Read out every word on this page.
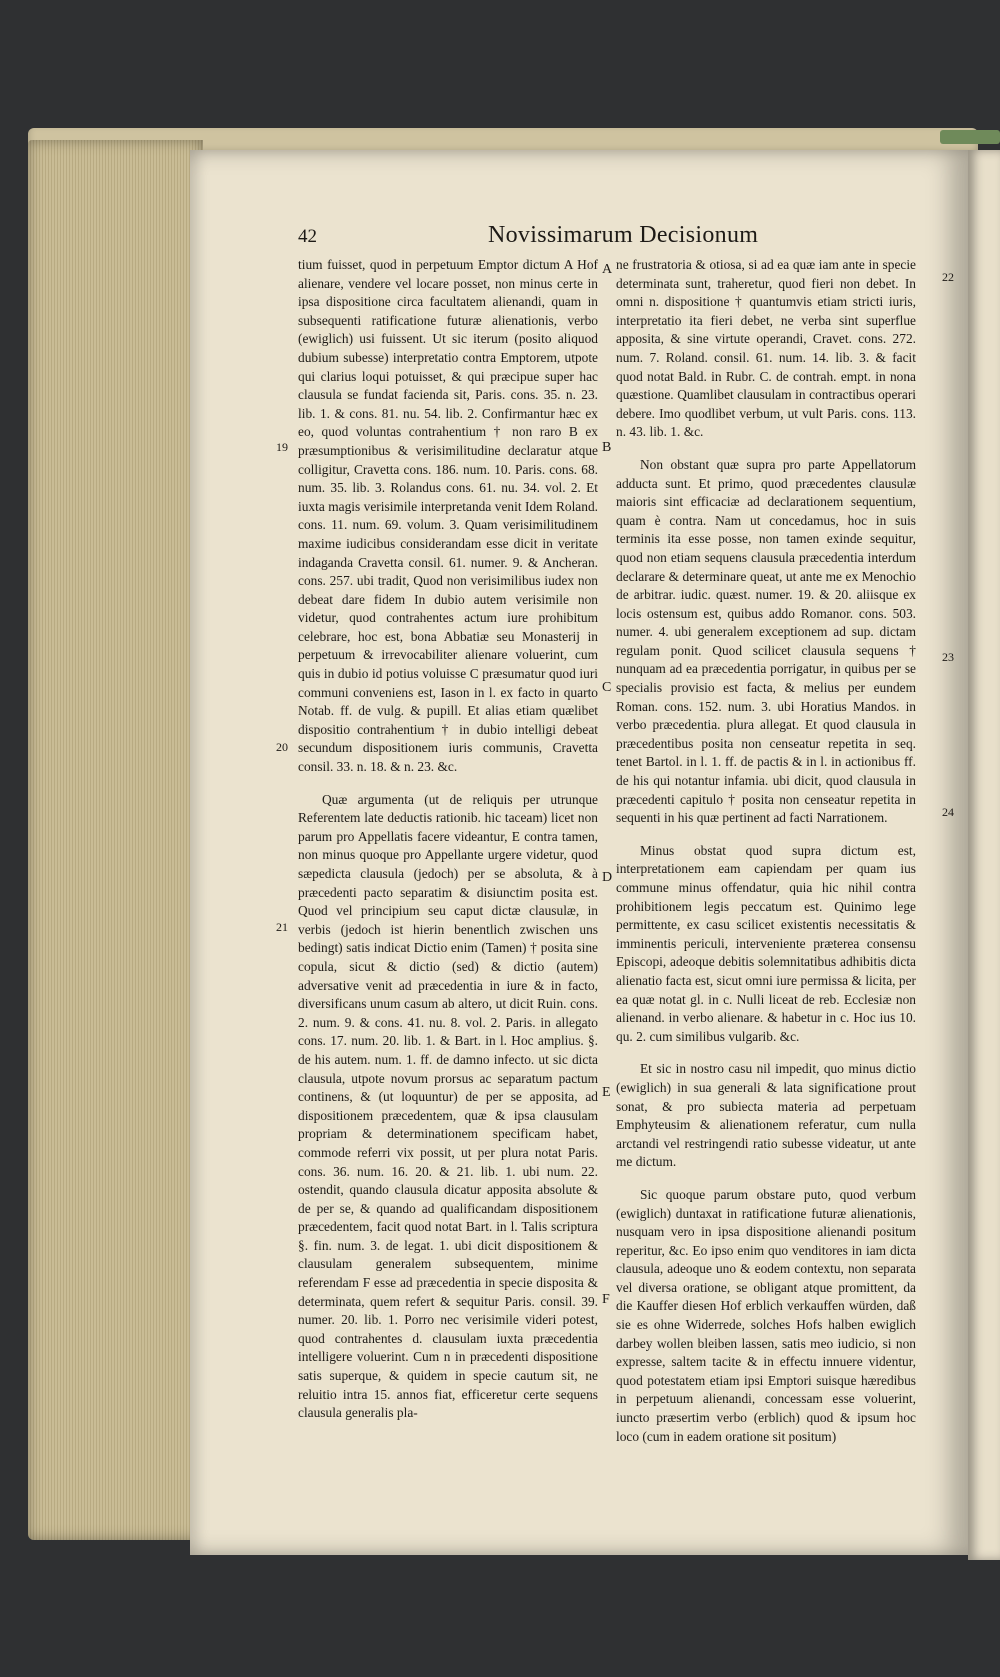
42	Novissimarum Decisionum

tium fuisset, quod in perpetuum Emptor dictum A Hof alienare, vendere vel locare posset, non minus certe in ipsa dispositione circa facultatem alienandi, quam in subsequenti ratificatione futuræ alienationis, verbo (ewiglich) usi fuissent. Ut sic iterum (posito aliquod dubium subesse) interpretatio contra Emptorem, utpote qui clarius loqui potuisset, & qui præcipue super hac clausula se fundat facienda sit, Paris. cons. 35. n. 23. lib. 1. & cons. 81. nu. 54. lib. 2. Confirmantur hæc ex eo, quod voluntas contrahentium † non raro B ex præsumptionibus & verisimilitudine declaratur atque colligitur, Cravetta cons. 186. num. 10. Paris. cons. 68. num. 35. lib. 3. Rolandus cons. 61. nu. 34. vol. 2. Et iuxta magis verisimile interpretanda venit Idem Roland. cons. 11. num. 69. volum. 3. Quam verisimilitudinem maxime iudicibus considerandam esse dicit in veritate indaganda Cravetta consil. 61. numer. 9. & Ancheran. cons. 257. ubi tradit, Quod non verisimilibus iudex non debeat dare fidem In dubio autem verisimile non videtur, quod contrahentes actum iure prohibitum celebrare, hoc est, bona Abbatiæ seu Monasterij in perpetuum & irrevocabiliter alienare voluerint, cum quis in dubio id potius voluisse C præsumatur quod iuri communi conveniens est, Iason in l. ex facto in quarto Notab. ff. de vulg. & pupill. Et alias etiam quælibet dispositio contrahentium † in dubio intelligi debeat secundum dispositionem iuris communis, Cravetta consil. 33. n. 18. & n. 23. &c.

Quæ argumenta (ut de reliquis per utrunque Referentem late deductis rationib. hic taceam) licet non parum pro Appellatis facere videantur, E contra tamen, non minus quoque pro Appellante urgere videtur, quod sæpedicta clausula (jedoch) per se absoluta, & à præcedenti pacto separatim & disiunctim posita est. Quod vel principium seu caput dictæ clausulæ, in verbis (jedoch ist hierin benentlich zwischen uns bedingt) satis indicat Dictio enim (Tamen) † posita sine copula, sicut & dictio (sed) & dictio (autem) adversative venit ad præcedentia in iure & in facto, diversificans unum casum ab altero, ut dicit Ruin. cons. 2. num. 9. & cons. 41. nu. 8. vol. 2. Paris. in allegato cons. 17. num. 20. lib. 1. & Bart. in l. Hoc amplius. §. de his autem. num. 1. ff. de damno infecto. ut sic dicta clausula, utpote novum prorsus ac separatum pactum continens, & (ut loquuntur) de per se apposita, ad dispositionem præcedentem, quæ & ipsa clausulam propriam & determinationem specificam habet, commode referri vix possit, ut per plura notat Paris. cons. 36. num. 16. 20. & 21. lib. 1. ubi num. 22. ostendit, quando clausula dicatur apposita absolute & de per se, & quando ad qualificandam dispositionem præcedentem, facit quod notat Bart. in l. Talis scriptura §. fin. num. 3. de legat. 1. ubi dicit dispositionem & clausulam generalem subsequentem, minime referendam F esse ad præcedentia in specie disposita & determinata, quem refert & sequitur Paris. consil. 39. numer. 20. lib. 1. Porro nec verisimile videri potest, quod contrahentes d. clausulam iuxta præcedentia intelligere voluerint. Cum n in præcedenti dispositione satis superque, & quidem in specie cautum sit, ne reluitio intra 15. annos fiat, efficeretur certe sequens clausula generalis pla-

ne frustratoria & otiosa, si ad ea quæ iam ante in specie determinata sunt, traheretur, quod fieri non debet. In omni n. dispositione † quantumvis etiam stricti iuris, interpretatio ita fieri debet, ne verba sint superflue apposita, & sine virtute operandi, Cravet. cons. 272. num. 7. Roland. consil. 61. num. 14. lib. 3. & facit quod notat Bald. in Rubr. C. de contrah. empt. in nona quæstione. Quamlibet clausulam in contractibus operari debere. Imo quodlibet verbum, ut vult Paris. cons. 113. n. 43. lib. 1. &c.

Non obstant quæ supra pro parte Appellatorum adducta sunt. Et primo, quod præcedentes clausulæ maioris sint efficaciæ ad declarationem sequentium, quam è contra. Nam ut concedamus, hoc in suis terminis ita esse posse, non tamen exinde sequitur, quod non etiam sequens clausula præcedentia interdum declarare & determinare queat, ut ante me ex Menochio de arbitrar. iudic. quæst. numer. 19. & 20. aliisque ex locis ostensum est, quibus addo Romanor. cons. 503. numer. 4. ubi generalem exceptionem ad sup. dictam regulam ponit. Quod scilicet clausula sequens † nunquam ad ea præcedentia porrigatur, in quibus per se specialis provisio est facta, & melius per eundem Roman. cons. 152. num. 3. ubi Horatius Mandos. in verbo præcedentia. plura allegat. Et quod clausula in præcedentibus posita non censeatur repetita in seq. tenet Bartol. in l. 1. ff. de pactis & in l. in actionibus ff. de his qui notantur infamia. ubi dicit, quod clausula in præcedenti capitulo † posita non censeatur repetita in sequenti in his quæ pertinent ad facti Narrationem.

Minus obstat quod supra dictum est, interpretationem eam capiendam per quam ius commune minus offendatur, quia hic nihil contra prohibitionem legis peccatum est. Quinimo lege permittente, ex casu scilicet existentis necessitatis & imminentis periculi, interveniente præterea consensu Episcopi, adeoque debitis solemnitatibus adhibitis dicta alienatio facta est, sicut omni iure permissa & licita, per ea quæ notat gl. in c. Nulli liceat de reb. Ecclesiæ non alienand. in verbo alienare. & habetur in c. Hoc ius 10. qu. 2. cum similibus vulgarib. &c.

Et sic in nostro casu nil impedit, quo minus dictio (ewiglich) in sua generali & lata significatione prout sonat, & pro subiecta materia ad perpetuam Emphyteusim & alienationem referatur, cum nulla arctandi vel restringendi ratio subesse videatur, ut ante me dictum.

Sic quoque parum obstare puto, quod verbum (ewiglich) duntaxat in ratificatione futuræ alienationis, nusquam vero in ipsa dispositione alienandi positum reperitur, &c. Eo ipso enim quo venditores in iam dicta clausula, adeoque uno & eodem contextu, non separata vel diversa oratione, se obligant atque promittent, da die Kauffer diesen Hof erblich verkauffen würden, daß sie es ohne Widerrede, solches Hofs halben ewiglich darbey wollen bleiben lassen, satis meo iudicio, si non expresse, saltem tacite & in effectu innuere videntur, quod potestatem etiam ipsi Emptori suisque hæredibus in perpetuum alienandi, concessam esse voluerint, iuncto præsertim verbo (erblich) quod & ipsum hoc loco (cum in eadem oratione sit positum)

A
B
C
D
E
F
19
20
21
22
23
24
